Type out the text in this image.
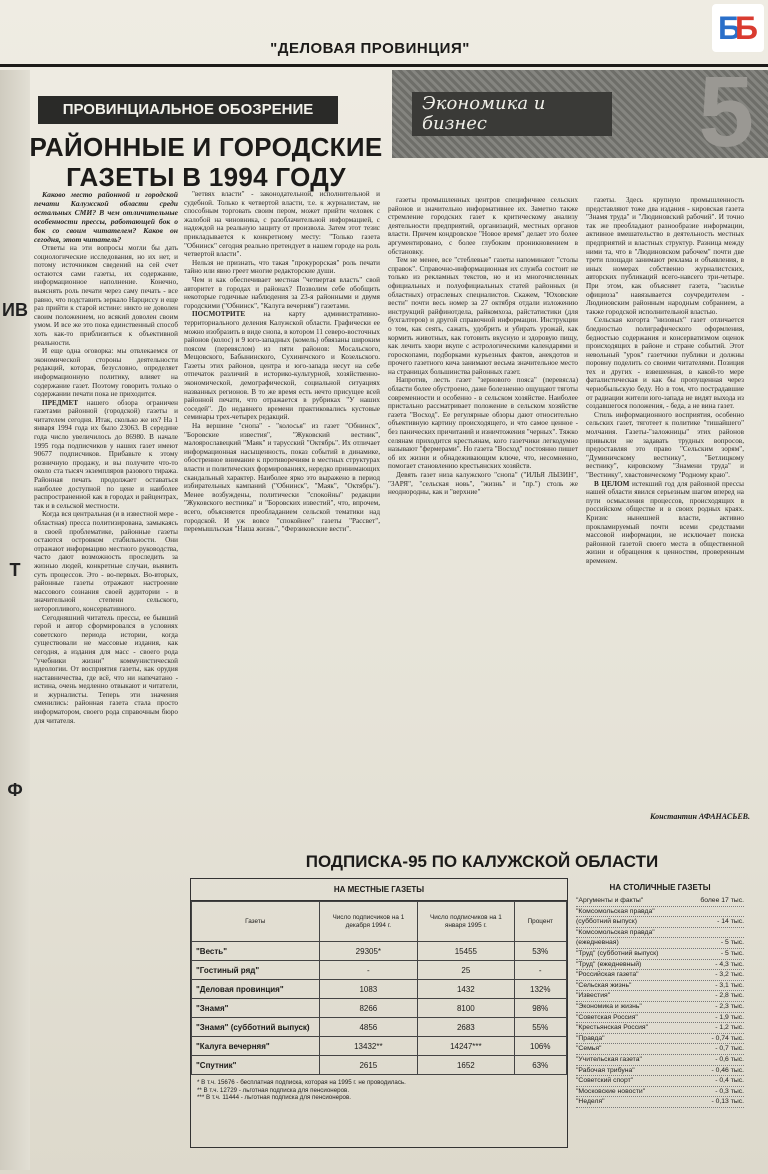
ИВ
Т
Ф
"ДЕЛОВАЯ ПРОВИНЦИЯ"
Б
Б
Экономика и бизнес	5
ПРОВИНЦИАЛЬНОЕ ОБОЗРЕНИЕ
РАЙОННЫЕ И ГОРОДСКИЕ ГАЗЕТЫ В 1994 ГОДУ

Каково место районной и городской печати Калужской области среди остальных СМИ? В чем отличительные особенности прессы, работающей бок о бок со своим читателем? Каков он сегодня, этот читатель?

Ответы на эти вопросы могли бы дать социологические исследования, но их нет, и потому источником сведений на сей счет остаются сами газеты, их содержание, информационное наполнение. Конечно, выяснять роль печати через саму печать - все равно, что подставить зеркало Нарциссу и еще раз прийти к старой истине: никто не доволен своим положением, но всякий доволен своим умом. И все же это пока единственный способ хоть как-то приблизиться к объективной реальности.

И еще одна оговорка: мы отвлекаемся от экономической стороны деятельности редакций, которая, безусловно, определяет информационную политику, влияет на содержание газет. Поэтому говорить только о содержании печати пока не приходится.

ПРЕДМЕТ нашего обзора ограничен газетами районной (городской) газеты и читателем сегодня. Итак, сколько же их? На 1 января 1994 года их было 23063. В середине года число увеличилось до 86980. В начале 1995 года подписчиков у наших газет имеют 90677 подписчиков. Прибавьте к этому розничную продажу, и вы получите что-то около ста тысяч экземпляров разового тиража. Районная печать продолжает оставаться наиболее доступной по цене и наиболее распространенной как в городах и райцентрах, так и в сельской местности.

Когда вся центральная (и в известной мере - областная) пресса политизирована, замыкаясь в своей проблематике, районные газеты остаются островком стабильности. Они отражают информацию местного руководства, часто дают возможность проследить за жизнью людей, конкретные случаи, выявить суть процессов. Это - во-первых. Во-вторых, районные газеты отражают настроение массового сознания своей аудитории - в значительной степени сельского, неторопливого, консервативного.

Сегодняшний читатель прессы, ее бывший герой и автор сформировался в условиях советского периода истории, когда существовали не массовые издания, как сегодня, а издания для масс - своего рода "учебники жизни" коммунистической идеологии. От восприятия газеты, как орудия наставничества, где всё, что ни напечатано - истина, очень медленно отвыкают и читатели, и журналисты. Теперь эти значения сменились: районная газета стала просто информатором, своего рода справочным бюро для читателя.

"ветвях власти" - законодательной, исполнительной и судебной. Только к четвертой власти, т.е. к журналистам, не способным торговать своим пером, может прийти человек с жалобой на чиновника, с разоблачительной информацией, с надеждой на реальную защиту от произвола. Затем этот тезис прикладывается к конкретному месту: "Только газета "Обнинск" сегодня реально претендует в нашем городе на роль четвертой власти".

Нельзя не признать, что такая "прокурорская" роль печати тайно или явно греет многие редакторские души.

Чем и как обеспечивает местная "четвертая власть" свой авторитет в городах и районах? Позволим себе обобщить некоторые годичные наблюдения за 23-я районными и двумя городскими ("Обнинск", "Калуга вечерняя") газетами.

ПОСМОТРИТЕ	на карту административно-территориального деления Калужской области. Графически ее можно изобразить в виде снопа, в котором 11 северо-восточных районов (колос) и 9 юго-западных (комель) обвязаны широким поясом (перевяслом) из пяти районов: Мосальского, Мещовского, Бабынинского, Сухиничского и Козельского. Газеты этих районов, центра и юго-запада несут на себе отпечаток различий в историко-культурной, хозяйственно-экономической, демографической, социальной ситуациях названных регионов. В то же время есть нечто присущее всей районной печати, что отражается в рубриках "У наших соседей". До недавнего времени практиковались кустовые семинары трех-четырех редакций.

На вершине "снопа" - "колосья" из газет "Обнинск", "Боровские известия", "Жуковский вестник", малоярославецкий "Маяк" и тарусский "Октябрь". Их отличает информационная насыщенность, показ событий в динамике, обостренное внимание к противоречиям в местных структурах власти и политических формированиях, нередко принимающих скандальный характер. Наиболее ярко это выражено в период избирательных кампаний ("Обнинск", "Маяк", "Октябрь"). Менее возбуждены, политически "спокойны" редакции "Жуковского вестника" и "Боровских известий", что, впрочем, всего, объясняется преобладанием сельской тематики над городской. И уж вовсе "спокойнее" газеты "Рассвет", перемышльская "Наша жизнь", "Ферзиковские вести".

газеты промышленных центров специфичнее сельских районов и значительно информативнее их. Заметно также стремление городских газет к критическому анализу деятельности предприятий, организаций, местных органов власти. Причем кондровское "Новое время" делает это более аргументировано, с более глубоким проникновением в обстановку.

Тем не менее, все "стеблевые" газеты напоминают "столы справок". Справочно-информационная их служба состоит не только из рекламных текстов, но и из многочисленных официальных и полуофициальных статей районных (и областных) отраслевых специалистов. Скажем, "Юховские вести" почти весь номер за 27 октября отдали изложению инструкций райфинотдела, райкомхоза, райстатистики (для бухгалтеров) и другой справочной информации. Инструкции о том, как сеять, сажать, удобрить и убирать урожай, как кормить животных, как готовить вкусную и здоровую пищу, как лечить хвори вкупе с астрологическими календарями и гороскопами, подборками курьезных фактов, анекдотов и прочего газетного кича занимают весьма значительное место на страницах большинства районных газет.

Напротив, лесть газет "зернового пояса" (перевясла) области более обустроено, даже болезненно ощущают тяготы современности и особенно - в сельском хозяйстве. Наиболее пристально рассматривает положение в сельском хозяйстве газета "Восход". Ее регулярные обзоры дают относительно объективную картину происходящего, и что самое ценное - без панических причитаний и изничтожения "черных". Тяжко селянам приходится крестьянам, кого газетчики легкодумно называют "фермерами". Но газета "Восход" постоянно пишет об их жизни и обнадеживающим ключе, что, несомненно, помогает становлению крестьянских хозяйств.

Девять газет низа калужского "снопа" ("ИЛЬЯ ЛЫЗИН", "ЗАРЯ", "сельская новь", "жизнь" и "пр.") столь же неоднородны, как и "верхние"

газеты. Здесь крупную промышленность представляют тоже два издания - кировская газета "Знамя труда" и "Людиновский рабочий". И точно так же преобладают разнообразие информации, активное вмешательство в деятельность местных предприятий и властных структур. Разница между ними та, что в "Людиновском рабочем" почти две трети площади занимают реклама и объявления, в иных номерах собственно журналистских, авторских публикаций всего-навсего три-четыре. При этом, как объясняет газета, "засилье официоза" навязывается соучредителем - Людиновским районным народным собранием, а также городской исполнительной властью.

Сельская когорта "низовых" газет отличается бледностью полиграфического оформления, бедностью содержания и консерватизмом оценок происходящих в районе и стране событий. Этот невольный "урок" газетчики публики и должны поровну поделить со своими читателями. Позиция тех и других - взвешенная, в какой-то мере фаталистическая и как бы пропущенная через чернобыльскую беду. Но в том, что пострадавшие от радиации жители юго-запада не видят выхода из создавшегося положения, - беда, а не вина газет.

Стиль информационного восприятия, особенно сельских газет, тяготеет к политике "тишайшего" молчания. Газеты-"заложницы" этих районов привыкли не задавать трудных вопросов, предоставляя это право "Сельским зорям", "Думиничскому вестнику", "Бетлицкому вестнику", кировскому "Знамени труда" и "Вестнику", хвастовическому "Родному краю".

В ЦЕЛОМ истекший год для районной прессы нашей области явился серьезным шагом вперед на пути осмысления процессов, происходящих в российском обществе и в своих родных краях. Кризис нынешней власти, активно прокламируемый почти всеми средствами массовой информации, не исключает поиска районной газетой своего места в общественной жизни и обращения к ценностям, проверенным временем.

Константин АФАНАСЬЕВ.
ПОДПИСКА-95 ПО КАЛУЖСКОЙ ОБЛАСТИ
НА МЕСТНЫЕ ГАЗЕТЫ
Газеты	Число подписчиков на 1 декабря 1994 г.	Число подписчиков на 1 января 1995 г.	Процент
"Весть"	29305*	15455	53%
"Гостиный ряд"	-	25	-
"Деловая провинция"	1083	1432	132%
"Знамя"	8266	8100	98%
"Знамя" (субботний выпуск)	4856	2683	55%
"Калуга вечерняя"	13432**	14247***	106%
"Спутник"	2615	1652	63%
* В т.ч. 15676 - бесплатная подписка, которая на 1995 г. не проводилась.
** В т.ч. 12729 - льготная подписка для пенсионеров.
*** В т.ч. 11444 - льготная подписка для пенсионеров.
НА СТОЛИЧНЫЕ ГАЗЕТЫ
"Аргументы и факты"	более 17 тыс.
"Комсомольская правда"
(субботний выпуск)	- 14 тыс.
"Комсомольская правда"
(ежедневная)	- 5 тыс.
"Труд" (субботний выпуск)	- 5 тыс.
"Труд" (ежедневный)	- 4,3 тыс.
"Российская газета"	- 3,2 тыс.
"Сельская жизнь"	- 3,1 тыс.
"Известия"	- 2,8 тыс.
"Экономика и жизнь"	- 2,3 тыс.
"Советская Россия"	- 1,9 тыс.
"Крестьянская Россия"	- 1,2 тыс.
"Правда"	- 0,74 тыс.
"Семья"	- 0,7 тыс.
"Учительская газета"	- 0,6 тыс.
"Рабочая трибуна"	- 0,46 тыс.
"Советский спорт"	- 0,4 тыс.
"Московские новости"	- 0,3 тыс.
"Неделя"	- 0,13 тыс.
